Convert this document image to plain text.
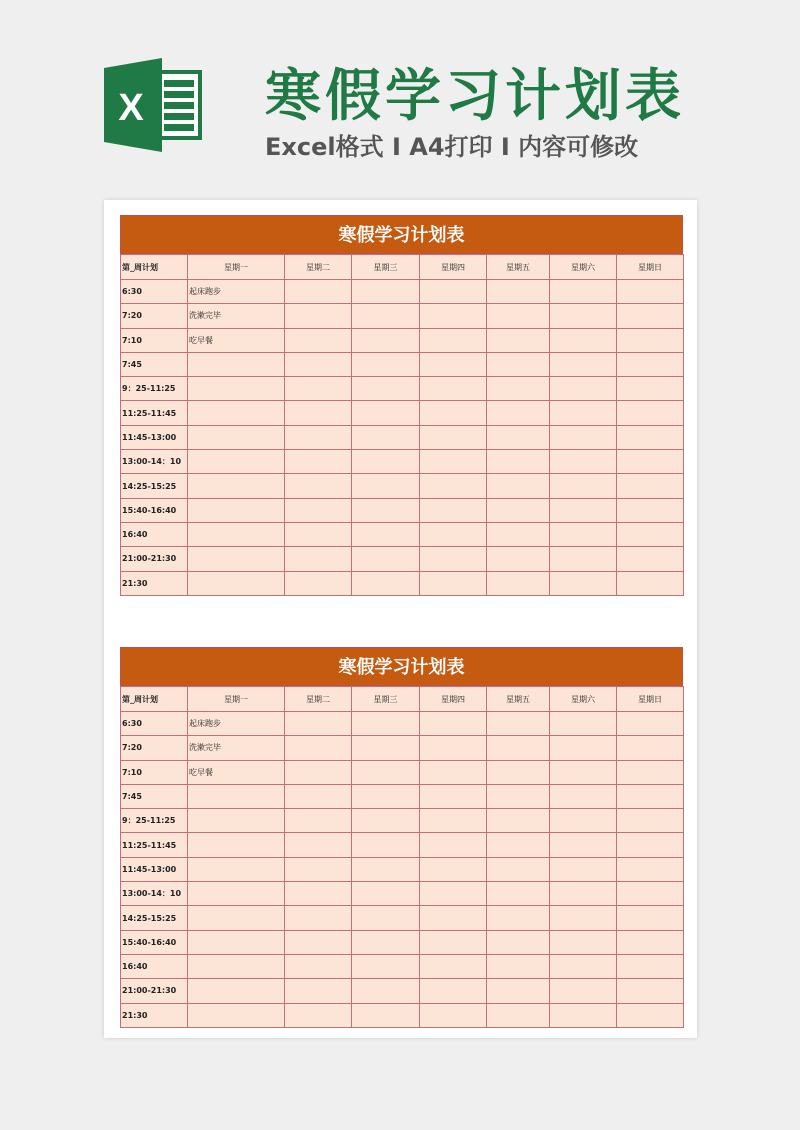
X 寒假学习计划表
Excel格式 I A4打印 I 内容可修改
寒假学习计划表
第_周计划	星期一	星期二	星期三	星期四	星期五	星期六	星期日
6:30	起床跑步						
7:20	洗漱完毕						
7:10	吃早餐						
7:45							
9：25-11:25							
11:25-11:45							
11:45-13:00							
13:00-14：10							
14:25-15:25							
15:40-16:40							
16:40							
21:00-21:30							
21:30							
寒假学习计划表
第_周计划	星期一	星期二	星期三	星期四	星期五	星期六	星期日
6:30	起床跑步						
7:20	洗漱完毕						
7:10	吃早餐						
7:45							
9：25-11:25							
11:25-11:45							
11:45-13:00							
13:00-14：10							
14:25-15:25							
15:40-16:40							
16:40							
21:00-21:30							
21:30							
